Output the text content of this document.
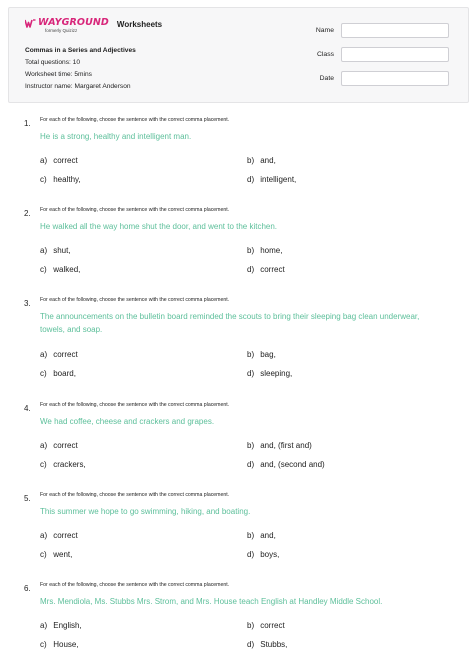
WAYGROUND
formerly Quizizz
Worksheets
Commas in a Series and Adjectives
Total questions: 10
Worksheet time: 5mins
Instructor name: Margaret Anderson
Name
Class
Date
1. For each of the following, choose the sentence with the correct comma placement.
He is a strong, healthy and intelligent man.
a) correct	b) and,
c) healthy,	d) intelligent,
2. For each of the following, choose the sentence with the correct comma placement.
He walked all the way home shut the door, and went to the kitchen.
a) shut,	b) home,
c) walked,	d) correct
3. For each of the following, choose the sentence with the correct comma placement.
The announcements on the bulletin board reminded the scouts to bring their sleeping bag clean underwear, towels, and soap.
a) correct	b) bag,
c) board,	d) sleeping,
4. For each of the following, choose the sentence with the correct comma placement.
We had coffee, cheese and crackers and grapes.
a) correct	b) and, (first and)
c) crackers,	d) and, (second and)
5. For each of the following, choose the sentence with the correct comma placement.
This summer we hope to go swimming, hiking, and boating.
a) correct	b) and,
c) went,	d) boys,
6. For each of the following, choose the sentence with the correct comma placement.
Mrs. Mendiola, Ms. Stubbs Mrs. Strom, and Mrs. House teach English at Handley Middle School.
a) English,	b) correct
c) House,	d) Stubbs,
